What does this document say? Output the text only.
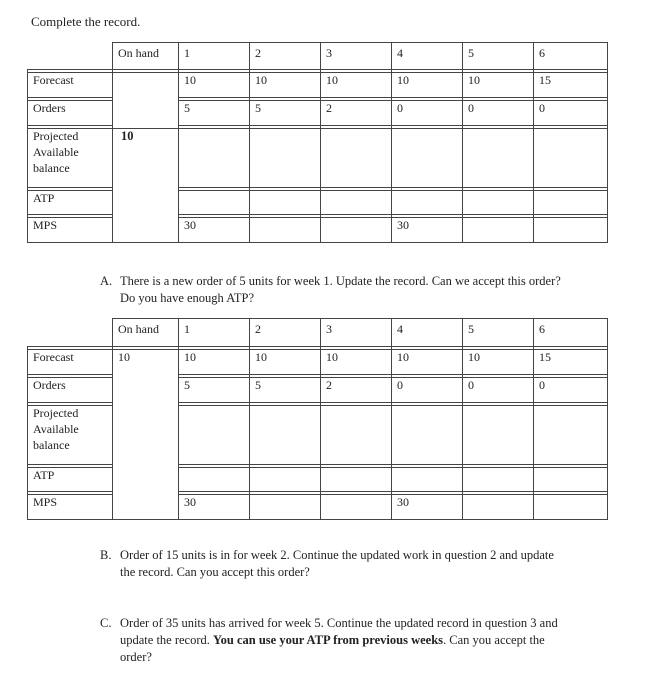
Complete the record.
	On hand	1	2	3	4	5	6
Forecast		10	10	10	10	10	15
Orders		5	5	2	0	0	0

Projected
Available
balance	10						
ATP							
MPS		30			30		
A. There is a new order of 5 units for week 1. Update the record. Can we accept this order?
Do you have enough ATP?
	On hand	1	2	3	4	5	6
Forecast	10	10	10	10	10	10	15
Orders		5	5	2	0	0	0

Projected
Available
balance							

ATP							
MPS		30			30		
B. Order of 15 units is in for week 2. Continue the updated work in question 2 and update
the record. Can you accept this order?
C. Order of 35 units has arrived for week 5. Continue the updated record in question 3 and
update the record. You can use your ATP from previous weeks. Can you accept the
order?
